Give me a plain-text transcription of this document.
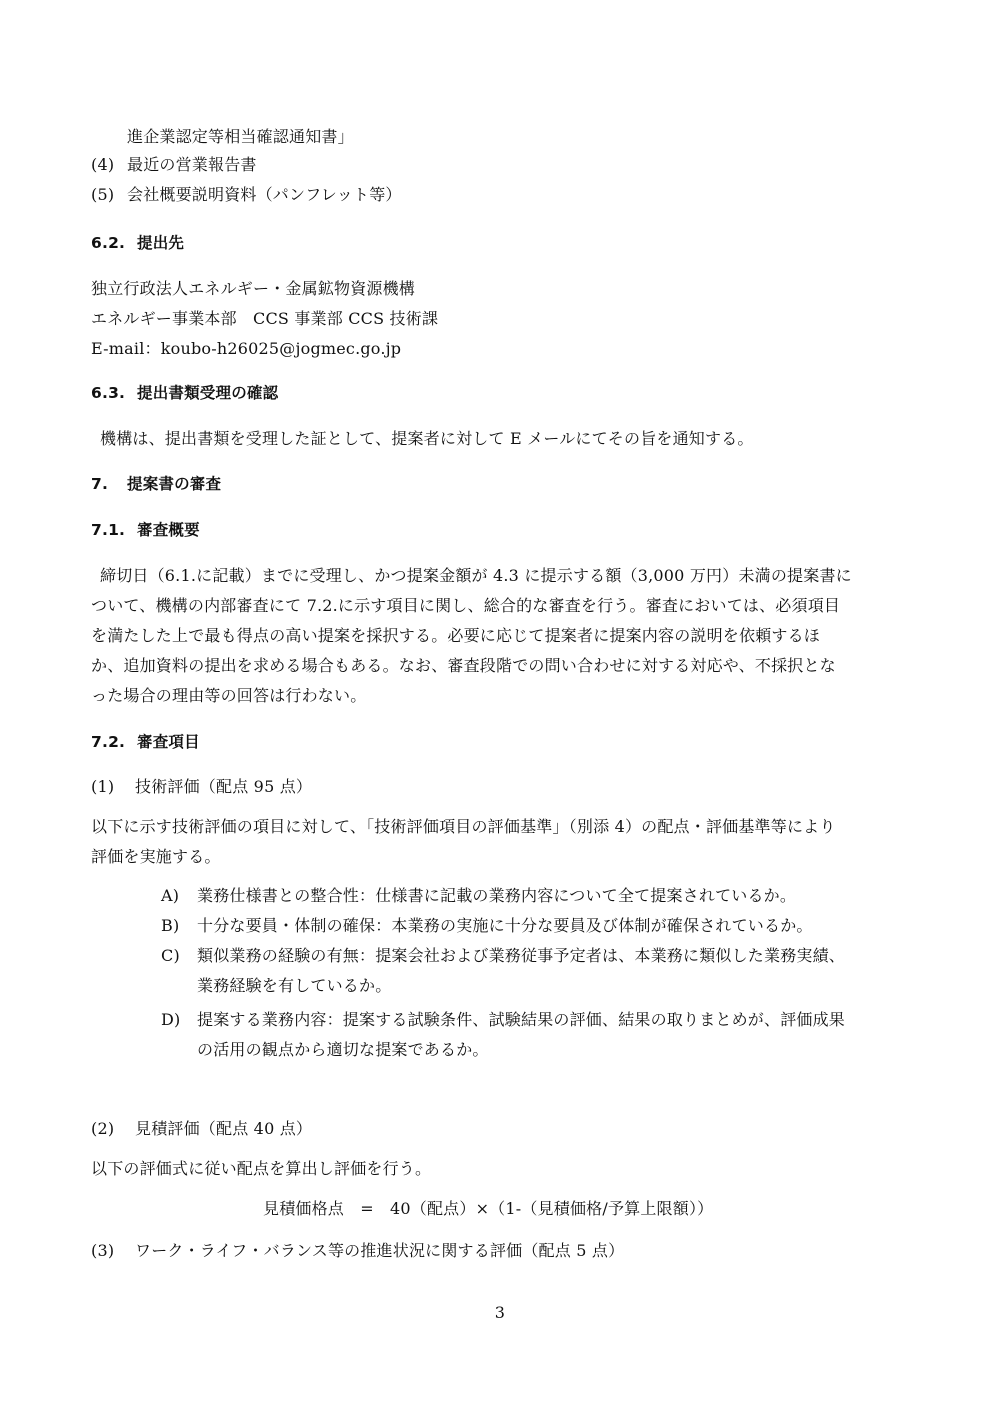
進企業認定等相当確認通知書」
(4) 最近の営業報告書
(5) 会社概要説明資料（パンフレット等）
6.2. 提出先
独立行政法人エネルギー・金属鉱物資源機構
エネルギー事業本部　CCS 事業部 CCS 技術課
E-mail：koubo-h26025@jogmec.go.jp
6.3. 提出書類受理の確認
機構は、提出書類を受理した証として、提案者に対して E メールにてその旨を通知する。
7. 提案書の審査
7.1. 審査概要
締切日（6.1.に記載）までに受理し、かつ提案金額が 4.3 に提示する額（3,000 万円）未満の提案書に
ついて、機構の内部審査にて 7.2.に示す項目に関し、総合的な審査を行う。審査においては、必須項目
を満たした上で最も得点の高い提案を採択する。必要に応じて提案者に提案内容の説明を依頼するほ
か、追加資料の提出を求める場合もある。なお、審査段階での問い合わせに対する対応や、不採択とな
った場合の理由等の回答は行わない。
7.2. 審査項目
(1) 技術評価（配点 95 点）
以下に示す技術評価の項目に対して、「技術評価項目の評価基準」（別添 4）の配点・評価基準等により
評価を実施する。
A) 業務仕様書との整合性：仕様書に記載の業務内容について全て提案されているか。
B) 十分な要員・体制の確保：本業務の実施に十分な要員及び体制が確保されているか。
C) 類似業務の経験の有無：提案会社および業務従事予定者は、本業務に類似した業務実績、
業務経験を有しているか。
D) 提案する業務内容：提案する試験条件、試験結果の評価、結果の取りまとめが、評価成果
の活用の観点から適切な提案であるか。
(2) 見積評価（配点 40 点）
以下の評価式に従い配点を算出し評価を行う。
見積価格点　=　40（配点）×（1-（見積価格/予算上限額））
(3) ワーク・ライフ・バランス等の推進状況に関する評価（配点 5 点）
3
